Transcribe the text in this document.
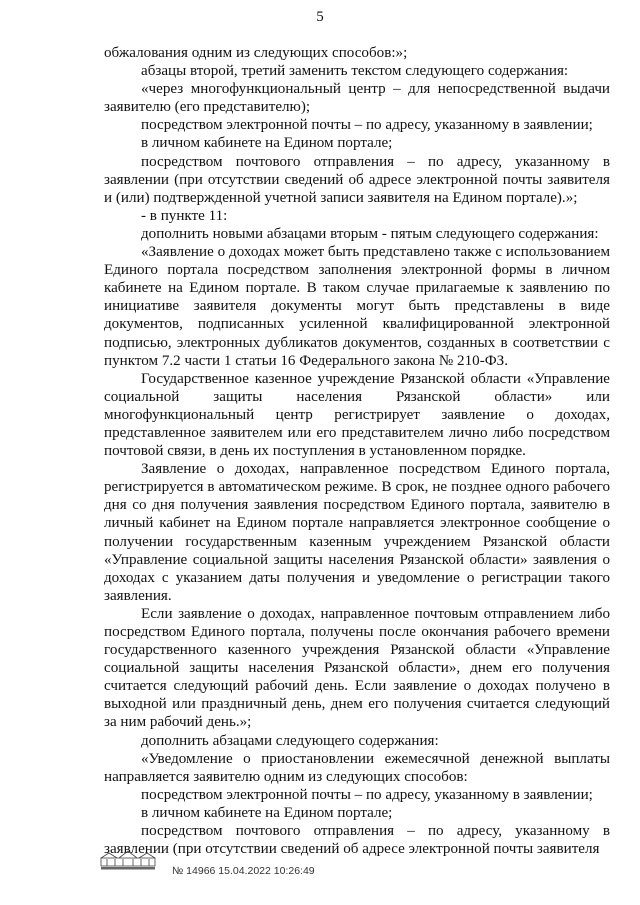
5

обжалования одним из следующих способов:»;

абзацы второй, третий заменить текстом следующего содержания:

«через многофункциональный центр – для непосредственной выдачи заявителю (его представителю);

посредством электронной почты – по адресу, указанному в заявлении;

в личном кабинете на Едином портале;

посредством почтового отправления – по адресу, указанному в заявлении (при отсутствии сведений об адресе электронной почты заявителя и (или) подтвержденной учетной записи заявителя на Едином портале).»;

- в пункте 11:

дополнить новыми абзацами вторым - пятым следующего содержания:

«Заявление о доходах может быть представлено также с использованием Единого портала посредством заполнения электронной формы в личном кабинете на Едином портале. В таком случае прилагаемые к заявлению по инициативе заявителя документы могут быть представлены в виде документов, подписанных усиленной квалифицированной электронной подписью, электронных дубликатов документов, созданных в соответствии с пунктом 7.2 части 1 статьи 16 Федерального закона № 210-ФЗ.

Государственное казенное учреждение Рязанской области «Управление социальной защиты населения Рязанской области» или многофункциональный центр регистрирует заявление о доходах, представленное заявителем или его представителем лично либо посредством почтовой связи, в день их поступления в установленном порядке.

Заявление о доходах, направленное посредством Единого портала, регистрируется в автоматическом режиме. В срок, не позднее одного рабочего дня со дня получения заявления посредством Единого портала, заявителю в личный кабинет на Едином портале направляется электронное сообщение о получении государственным казенным учреждением Рязанской области «Управление социальной защиты населения Рязанской области» заявления о доходах с указанием даты получения и уведомление о регистрации такого заявления.

Если заявление о доходах, направленное почтовым отправлением либо посредством Единого портала, получены после окончания рабочего времени государственного казенного учреждения Рязанской области «Управление социальной защиты населения Рязанской области», днем его получения считается следующий рабочий день. Если заявление о доходах получено в выходной или праздничный день, днем его получения считается следующий за ним рабочий день.»;

дополнить абзацами следующего содержания:

«Уведомление о приостановлении ежемесячной денежной выплаты направляется заявителю одним из следующих способов:

посредством электронной почты – по адресу, указанному в заявлении;

в личном кабинете на Едином портале;

посредством почтового отправления – по адресу, указанному в заявлении (при отсутствии сведений об адресе электронной почты заявителя

№ 14966 15.04.2022 10:26:49
